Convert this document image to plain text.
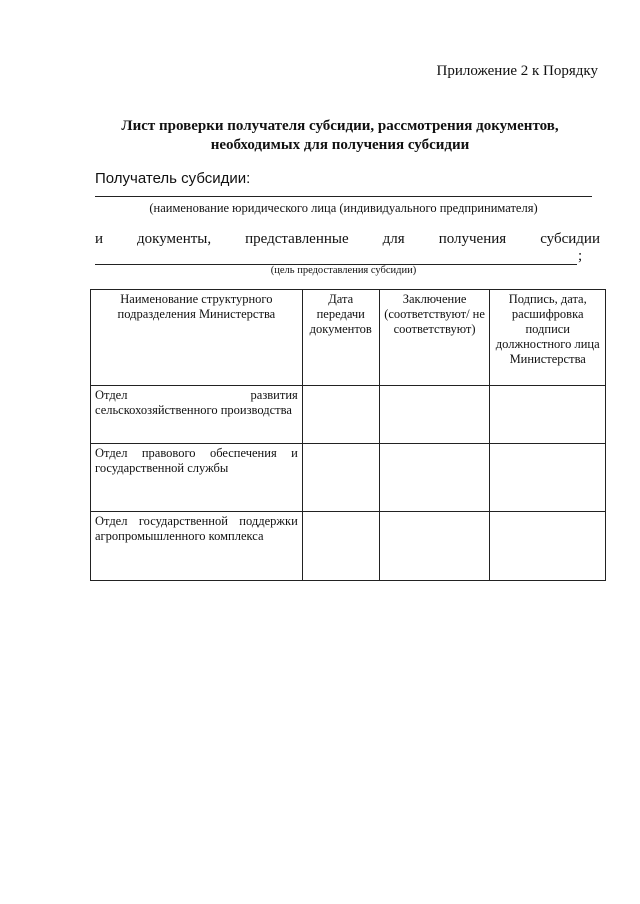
Приложение 2 к Порядку
Лист проверки получателя субсидии, рассмотрения документов,
необходимых для получения субсидии
Получатель субсидии:
(наименование юридического лица (индивидуального предпринимателя)
и документы, представленные для получения субсидии
;
(цель предоставления субсидии)
Наименование структурного подразделения Министерства	Дата передачи документов	Заключение (соответствуют/ не соответствуют)	Подпись, дата, расшифровка подписи должностного лица Министерства

Отдел развития
сельскохозяйственного производства			

Отдел правового обеспечения и государственной службы			
Отдел государственной поддержки агропромышленного комплекса			
